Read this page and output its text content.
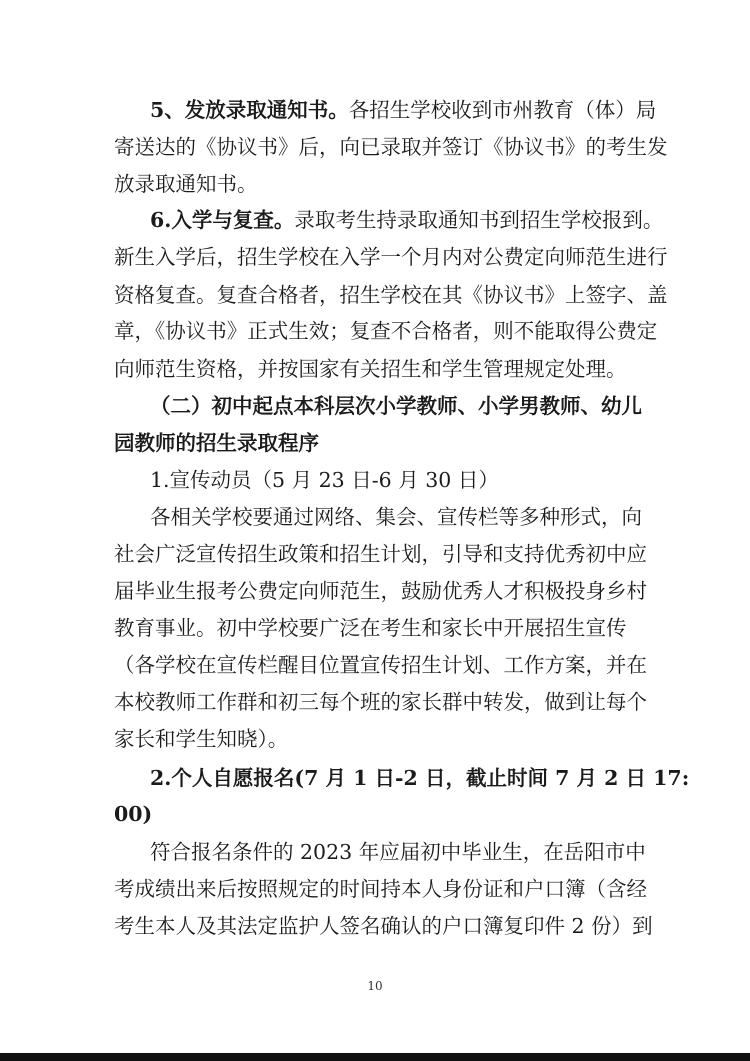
5、发放录取通知书。各招生学校收到市州教育（体）局
寄送达的《协议书》后，向已录取并签订《协议书》的考生发
放录取通知书。
6.入学与复查。录取考生持录取通知书到招生学校报到。
新生入学后，招生学校在入学一个月内对公费定向师范生进行
资格复查。复查合格者，招生学校在其《协议书》上签字、盖
章，《协议书》正式生效；复查不合格者，则不能取得公费定
向师范生资格，并按国家有关招生和学生管理规定处理。
（二）初中起点本科层次小学教师、小学男教师、幼儿
园教师的招生录取程序
1.宣传动员（5 月 23 日-6 月 30 日）
各相关学校要通过网络、集会、宣传栏等多种形式，向
社会广泛宣传招生政策和招生计划，引导和支持优秀初中应
届毕业生报考公费定向师范生，鼓励优秀人才积极投身乡村
教育事业。初中学校要广泛在考生和家长中开展招生宣传
（各学校在宣传栏醒目位置宣传招生计划、工作方案，并在
本校教师工作群和初三每个班的家长群中转发，做到让每个
家长和学生知晓）。
2.个人自愿报名(7 月 1 日-2 日，截止时间 7 月 2 日 17:
00)
符合报名条件的 2023 年应届初中毕业生，在岳阳市中
考成绩出来后按照规定的时间持本人身份证和户口簿（含经
考生本人及其法定监护人签名确认的户口簿复印件 2 份）到
10
